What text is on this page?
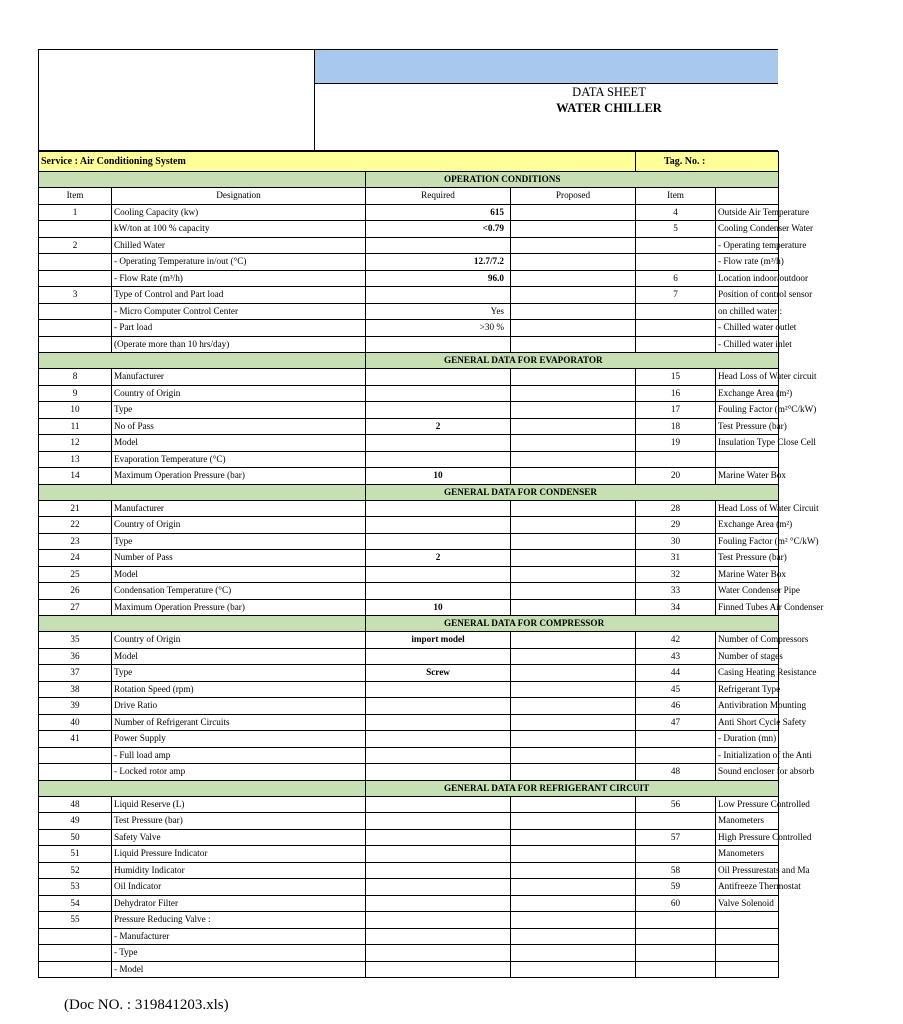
DATA SHEET
WATER CHILLER
Service : Air Conditioning System				Tag. No. :	
		OPERATION CONDITIONS			
Item	Designation	Required	Proposed	Item	
1	Cooling Capacity (kw)	615		4	Outside Air Temperature
	kW/ton at 100 % capacity	<0.79		5	Cooling Condenser Water
2	Chilled Water				- Operating temperature
	- Operating Temperature in/out (°C)	12.7/7.2			- Flow rate (m³/h)
	- Flow Rate (m³/h)	96.0		6	Location indoor/outdoor
3	Type of Control and Part load			7	Position of control sensor
	- Micro Computer Control Center	Yes			on chilled water :
	- Part load	>30 %			- Chilled water outlet
	(Operate more than 10 hrs/day)				- Chilled water inlet
		GENERAL DATA FOR EVAPORATOR			
8	Manufacturer			15	Head Loss of Water circuit
9	Country of Origin			16	Exchange Area (m²)
10	Type			17	Fouling Factor (m²°C/kW)
11	No of Pass	2		18	Test Pressure (bar)
12	Model			19	Insulation Type Close Cell
13	Evaporation Temperature (°C)				
14	Maximum Operation Pressure (bar)	10		20	Marine Water Box
		GENERAL DATA FOR CONDENSER			
21	Manufacturer			28	Head Loss of Water Circuit
22	Country of Origin			29	Exchange Area (m²)
23	Type			30	Fouling Factor (m² °C/kW)
24	Number of Pass	2		31	Test Pressure (bar)
25	Model			32	Marine Water Box
26	Condensation Temperature (°C)			33	Water Condenser Pipe
27	Maximum Operation Pressure (bar)	10		34	Finned Tubes Air Condenser
		GENERAL DATA FOR COMPRESSOR			
35	Country of Origin	import model		42	Number of Compressors
36	Model			43	Number of stages
37	Type	Screw		44	Casing Heating Resistance
38	Rotation Speed (rpm)			45	Refrigerant Type
39	Drive Ratio			46	Antivibration Mounting
40	Number of Refrigerant Circuits			47	Anti Short Cycle Safety
41	Power Supply				- Duration (mn)
	- Full load amp				- Initialization of the Anti
	- Locked rotor amp			48	Sound encloser for absorb
		GENERAL DATA FOR REFRIGERANT CIRCUIT			
48	Liquid Reserve (L)			56	Low Pressure Controlled
49	Test Pressure (bar)				Manometers
50	Safety Valve			57	High Pressure Controlled
51	Liquid Pressure Indicator				Manometers
52	Humidity Indicator			58	Oil Pressurestats and Ma
53	Oil Indicator			59	Antifreeze Thermostat
54	Dehydrator Filter			60	Valve Solenoid
55	Pressure Reducing Valve :				
	- Manufacturer				
	- Type				
	- Model				
(Doc NO. : 319841203.xls)
